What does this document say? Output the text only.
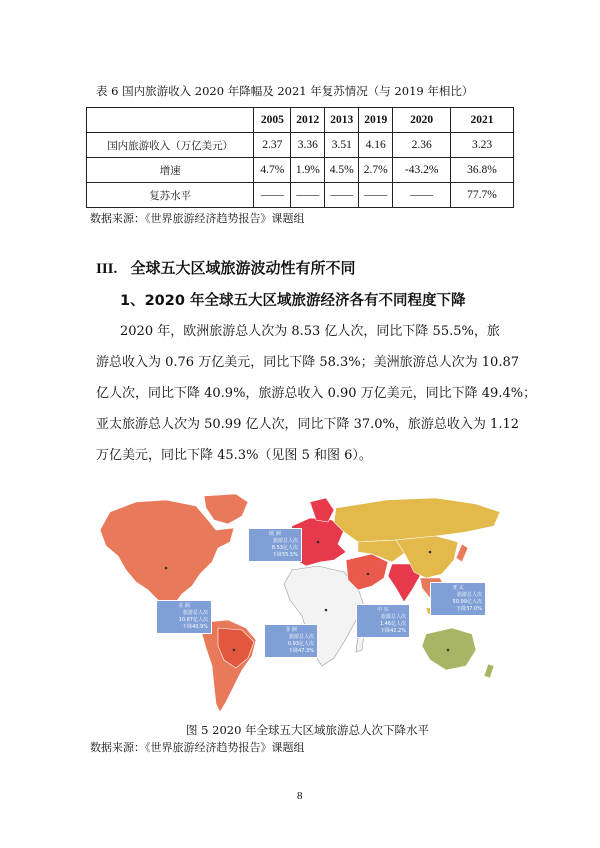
表 6 国内旅游收入 2020 年降幅及 2021 年复苏情况（与 2019 年相比）
	2005	2012	2013	2019	2020	2021
国内旅游收入（万亿美元）	2.37	3.36	3.51	4.16	2.36	3.23
增速	4.7%	1.9%	4.5%	2.7%	-43.2%	36.8%
复苏水平	——	——	——	——	——	77.7%
数据来源：《世界旅游经济趋势报告》课题组
III. 全球五大区域旅游波动性有所不同
1、2020 年全球五大区域旅游经济各有不同程度下降
2020 年，欧洲旅游总人次为 8.53 亿人次，同比下降 55.5%，旅
游总收入为 0.76 万亿美元，同比下降 58.3%；美洲旅游总人次为 10.87
亿人次，同比下降 40.9%，旅游总收入 0.90 万亿美元，同比下降 49.4%；
亚太旅游总人次为 50.99 亿人次，同比下降 37.0%，旅游总收入为 1.12
万亿美元，同比下降 45.3%（见图 5 和图 6）。
欧 洲
旅游总人次
8.53亿人次
下降55.5%
美 洲
旅游总人次
10.87亿人次
下降40.9%	非 洲
旅游总人次
0.93亿人次
下降47.3%
中 东
旅游总人次
1.46亿人次
下降42.2%
亚 太
旅游总人次
50.99亿人次
下降37.0%
图 5 2020 年全球五大区域旅游总人次下降水平
数据来源：《世界旅游经济趋势报告》课题组
8
